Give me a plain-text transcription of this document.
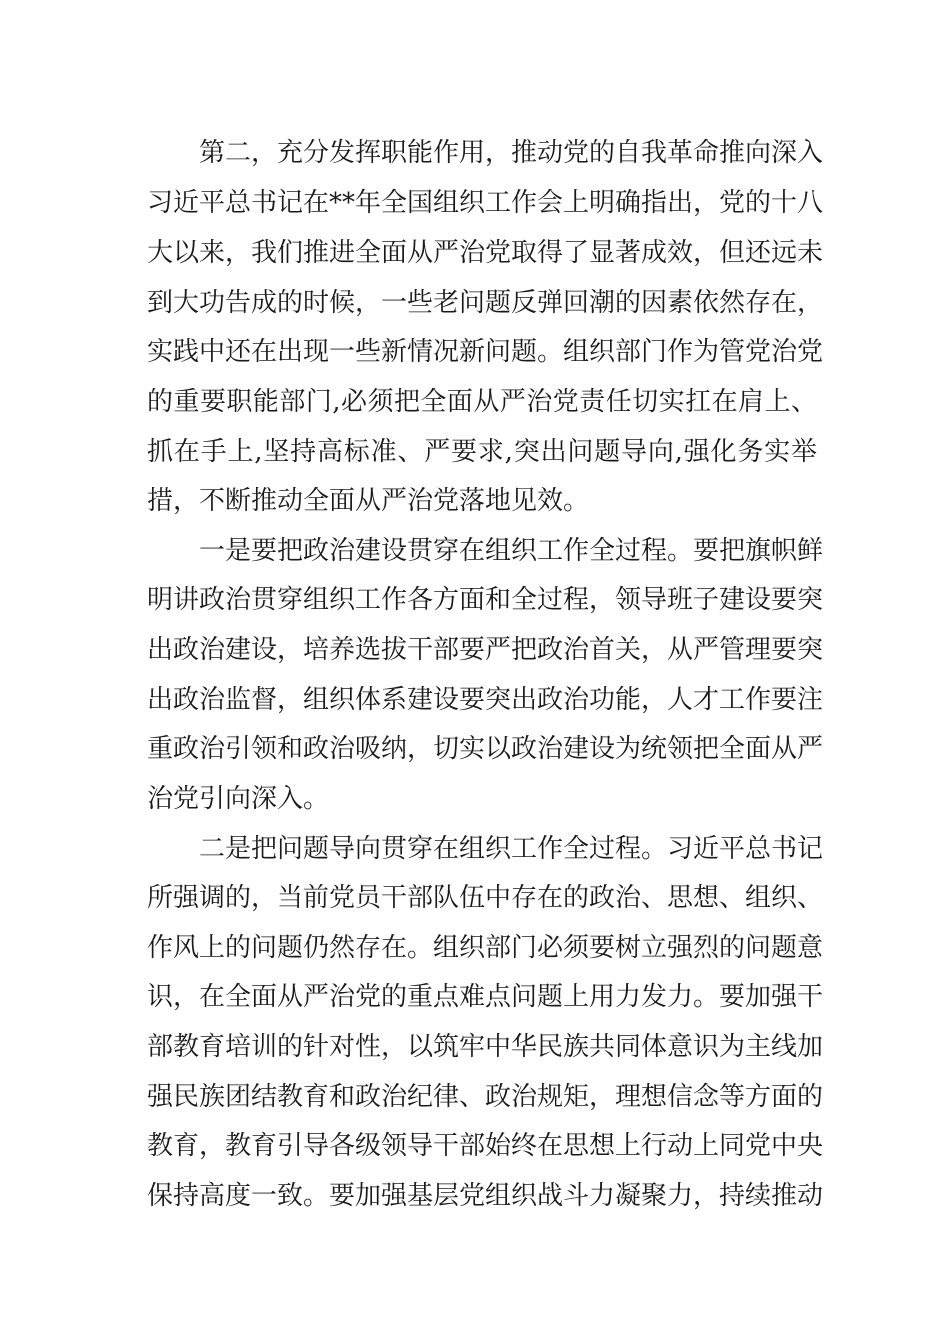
第二，充分发挥职能作用，推动党的自我革命推向深入
习近平总书记在**年全国组织工作会上明确指出，党的十八
大以来，我们推进全面从严治党取得了显著成效，但还远未
到大功告成的时候，一些老问题反弹回潮的因素依然存在，
实践中还在出现一些新情况新问题。组织部门作为管党治党
的重要职能部门,必须把全面从严治党责任切实扛在肩上、
抓在手上,坚持高标准、严要求,突出问题导向,强化务实举
措，不断推动全面从严治党落地见效。
一是要把政治建设贯穿在组织工作全过程。要把旗帜鲜
明讲政治贯穿组织工作各方面和全过程，领导班子建设要突
出政治建设，培养选拔干部要严把政治首关，从严管理要突
出政治监督，组织体系建设要突出政治功能，人才工作要注
重政治引领和政治吸纳，切实以政治建设为统领把全面从严
治党引向深入。
二是把问题导向贯穿在组织工作全过程。习近平总书记
所强调的，当前党员干部队伍中存在的政治、思想、组织、
作风上的问题仍然存在。组织部门必须要树立强烈的问题意
识，在全面从严治党的重点难点问题上用力发力。要加强干
部教育培训的针对性，以筑牢中华民族共同体意识为主线加
强民族团结教育和政治纪律、政治规矩，理想信念等方面的
教育，教育引导各级领导干部始终在思想上行动上同党中央
保持高度一致。要加强基层党组织战斗力凝聚力，持续推动
